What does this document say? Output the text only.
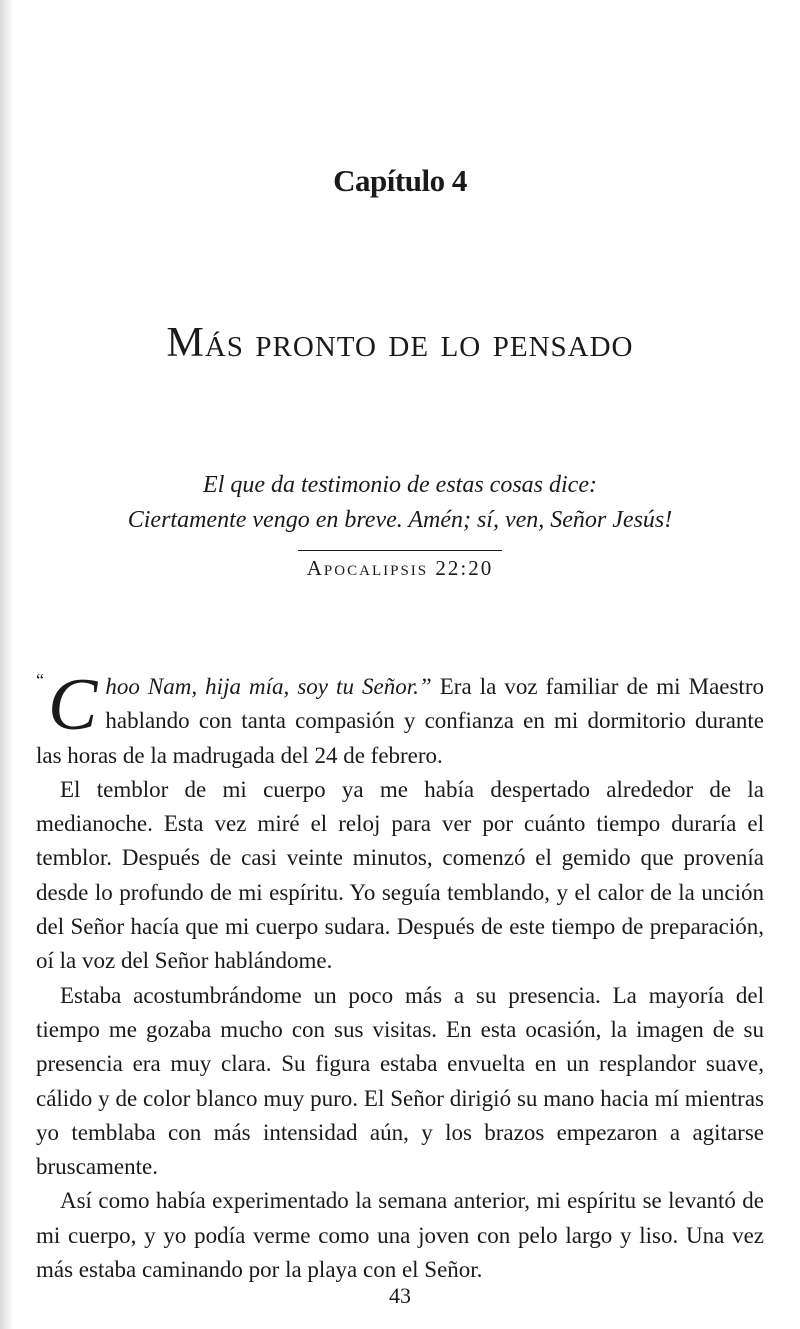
Capítulo 4
Más pronto de lo pensado
El que da testimonio de estas cosas dice:
Ciertamente vengo en breve. Amén; sí, ven, Señor Jesús!
Apocalipsis 22:20

“ C hoo Nam, hija mía, soy tu Señor.” Era la voz familiar de mi Maestro hablando con tanta compasión y confianza en mi dormitorio durante las horas de la madrugada del 24 de febrero.

El temblor de mi cuerpo ya me había despertado alrededor de la medianoche. Esta vez miré el reloj para ver por cuánto tiempo duraría el temblor. Después de casi veinte minutos, comenzó el gemido que provenía desde lo profundo de mi espíritu. Yo seguía temblando, y el calor de la unción del Señor hacía que mi cuerpo sudara. Después de este tiempo de preparación, oí la voz del Señor hablándome.

Estaba acostumbrándome un poco más a su presencia. La mayoría del tiempo me gozaba mucho con sus visitas. En esta ocasión, la imagen de su presencia era muy clara. Su figura estaba envuelta en un resplandor suave, cálido y de color blanco muy puro. El Señor dirigió su mano hacia mí mientras yo temblaba con más intensidad aún, y los brazos empezaron a agitarse bruscamente.

Así como había experimentado la semana anterior, mi espíritu se levantó de mi cuerpo, y yo podía verme como una joven con pelo largo y liso. Una vez más estaba caminando por la playa con el Señor.

43
